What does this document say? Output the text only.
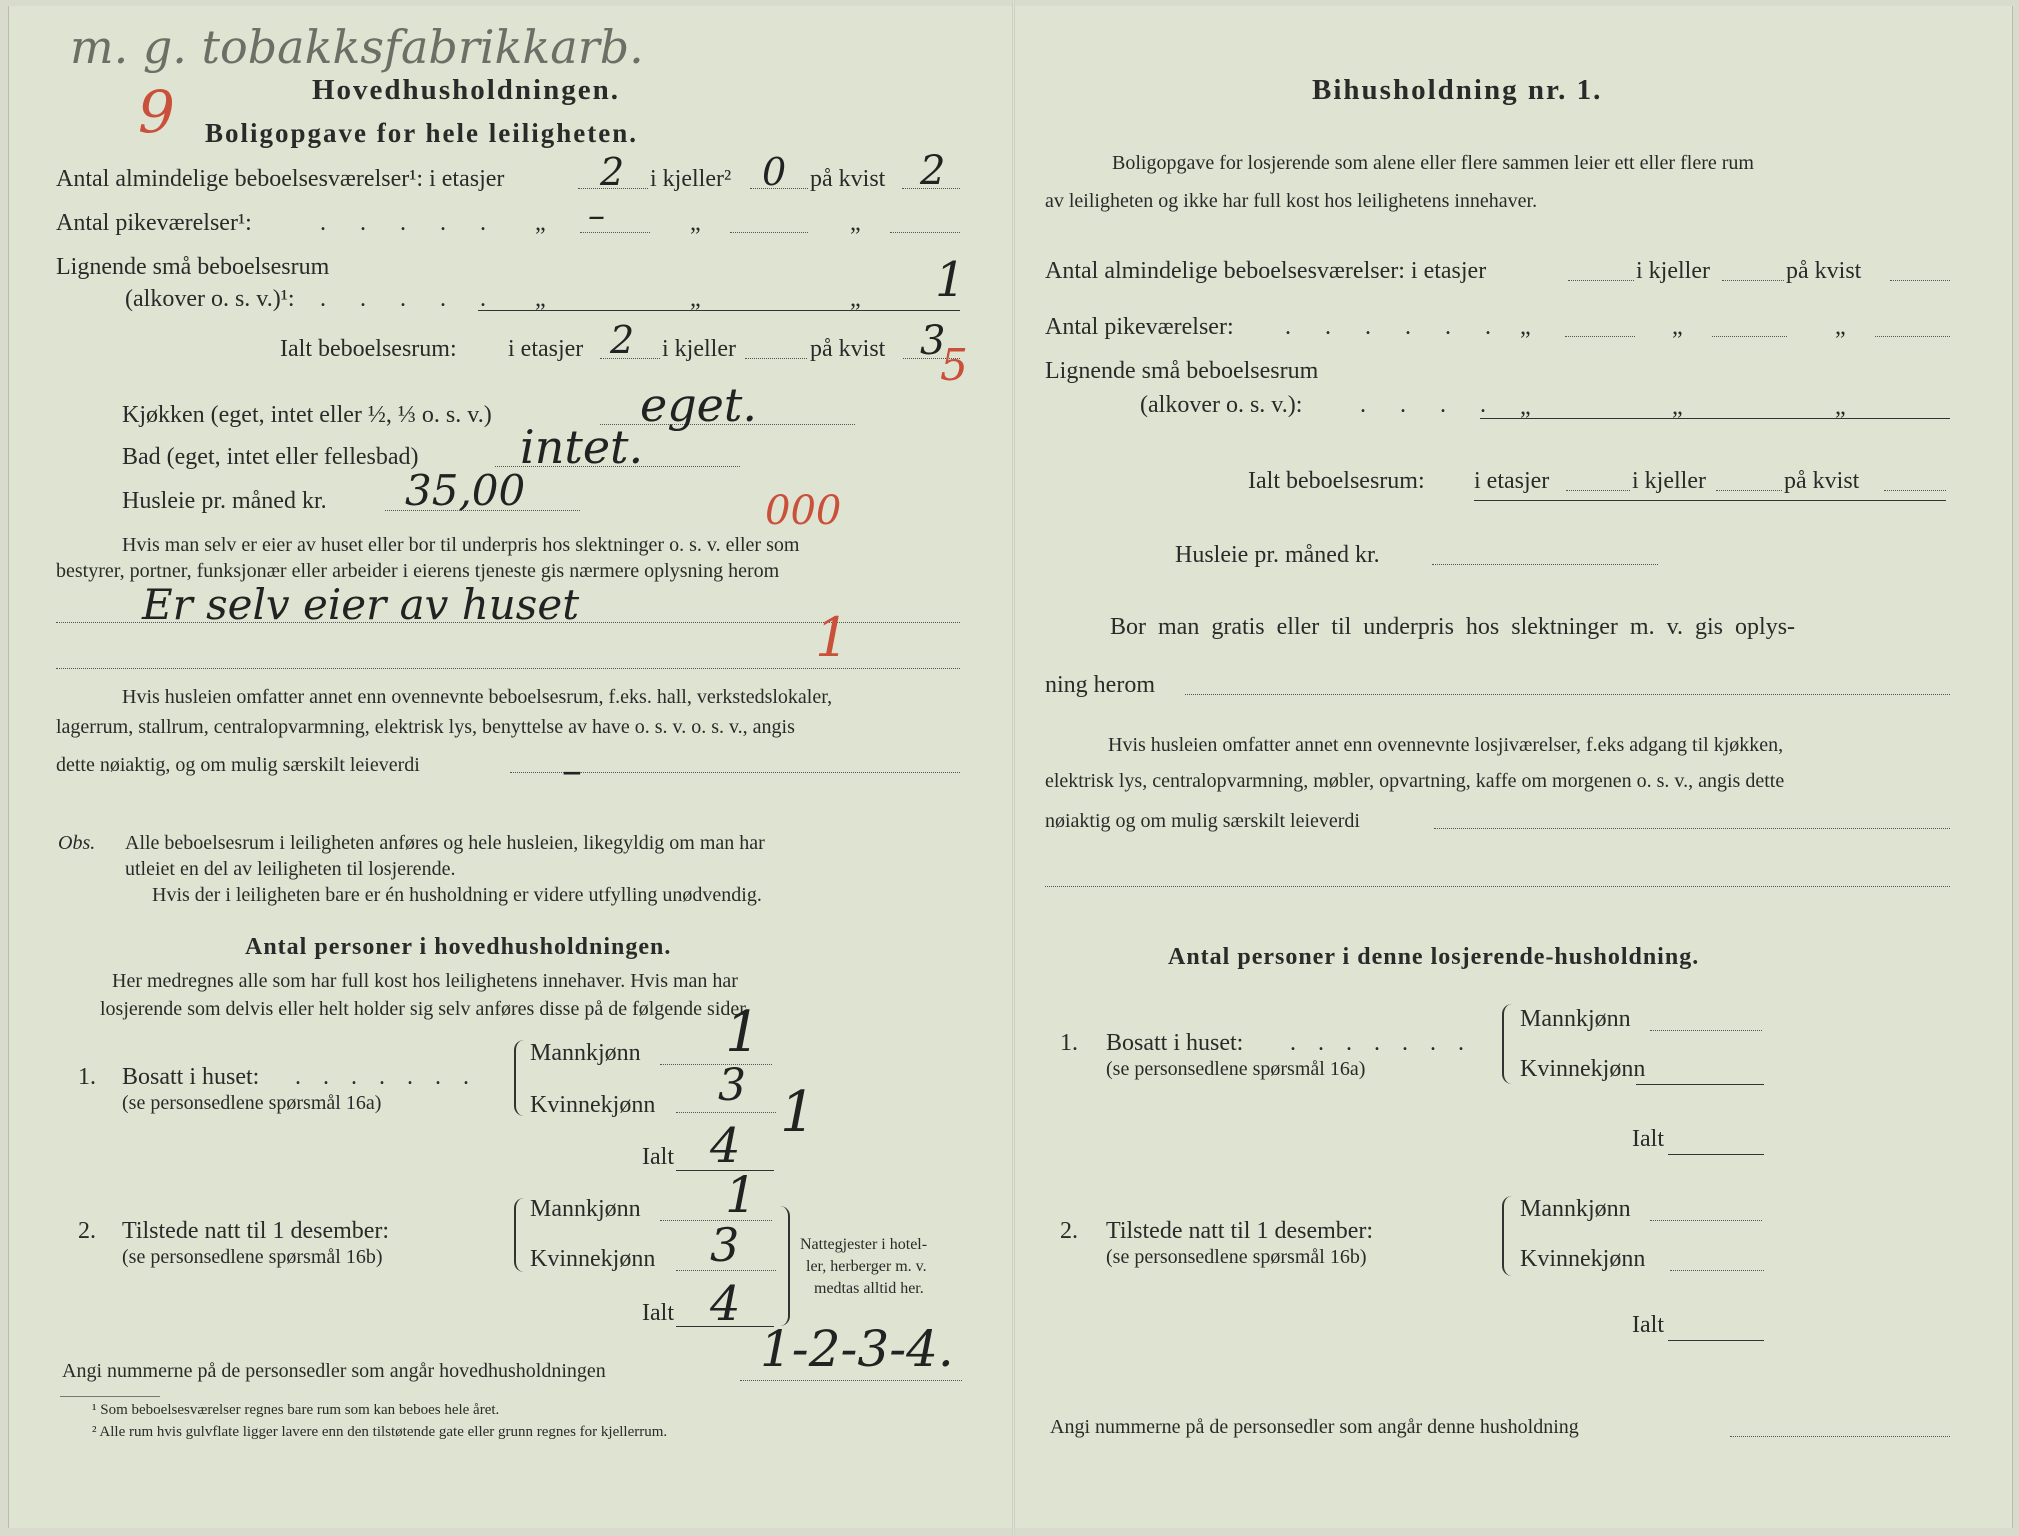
m. g. tobakksfabrikkarb.
9	Hovedhusholdningen.
Boligopgave for hele leiligheten.
Antal almindelige beboelsesværelser¹: i etasjer	2 i kjeller² 0 på kvist 2
Antal pikeværelser¹:	. . . . . „ –	„	„
Lignende små beboelsesrum
(alkover o. s. v.)¹: . . . . . „	„	„ 1
Ialt beboelsesrum: i etasjer 2 i kjeller	på kvist 3
5
Kjøkken (eget, intet eller ½, ⅓ o. s. v.)	eget.
Bad (eget, intet eller fellesbad) intet.
Husleie pr. måned kr. 35,00	000
Hvis man selv er eier av huset eller bor til underpris hos slektninger o. s. v. eller som
bestyrer, portner, funksjonær eller arbeider i eierens tjeneste gis nærmere oplysning herom
Er selv eier av huset
1
Hvis husleien omfatter annet enn ovennevnte beboelsesrum, f.eks. hall, verkstedslokaler,
lagerrum, stallrum, centralopvarmning, elektrisk lys, benyttelse av have o. s. v. o. s. v., angis
dette nøiaktig, og om mulig særskilt leieverdi	–
Obs. Alle beboelsesrum i leiligheten anføres og hele husleien, likegyldig om man har
utleiet en del av leiligheten til losjerende.
Hvis der i leiligheten bare er én husholdning er videre utfylling unødvendig.
Antal personer i hovedhusholdningen.
Her medregnes alle som har full kost hos leilighetens innehaver. Hvis man har
losjerende som delvis eller helt holder sig selv anføres disse på de følgende sider
1. Bosatt i huset: . . . . . . .
(se personsedlene spørsmål 16a)
Mannkjønn 1
Kvinnekjønn 3 1
Ialt 4
2. Tilstede natt til 1 desember:
(se personsedlene spørsmål 16b)
Mannkjønn 1
Kvinnekjønn 3
Ialt 4
Nattegjester i hotel-
ler, herberger m. v.
medtas alltid her.
Angi nummerne på de personsedler som angår hovedhusholdningen	1-2-3-4.
¹ Som beboelsesværelser regnes bare rum som kan beboes hele året.
² Alle rum hvis gulvflate ligger lavere enn den tilstøtende gate eller grunn regnes for kjellerrum.
Bihusholdning nr. 1.
Boligopgave for losjerende som alene eller flere sammen leier ett eller flere rum
av leiligheten og ikke har full kost hos leilighetens innehaver.
Antal almindelige beboelsesværelser: i etasjer	i kjeller	på kvist
Antal pikeværelser: . . . . . . „	„	„
Lignende små beboelsesrum
(alkover o. s. v.): . . . . „	„	„
Ialt beboelsesrum: i etasjer	i kjeller	på kvist
Husleie pr. måned kr.
Bor man gratis eller til underpris hos slektninger m. v. gis oplys-
ning herom
Hvis husleien omfatter annet enn ovennevnte losjiværelser, f.eks adgang til kjøkken,
elektrisk lys, centralopvarmning, møbler, opvartning, kaffe om morgenen o. s. v., angis dette
nøiaktig og om mulig særskilt leieverdi
Antal personer i denne losjerende-husholdning.
1. Bosatt i huset: . . . . . . .
(se personsedlene spørsmål 16a)
Mannkjønn
Kvinnekjønn
Ialt
2. Tilstede natt til 1 desember:
(se personsedlene spørsmål 16b)
Mannkjønn
Kvinnekjønn
Ialt
Angi nummerne på de personsedler som angår denne husholdning
